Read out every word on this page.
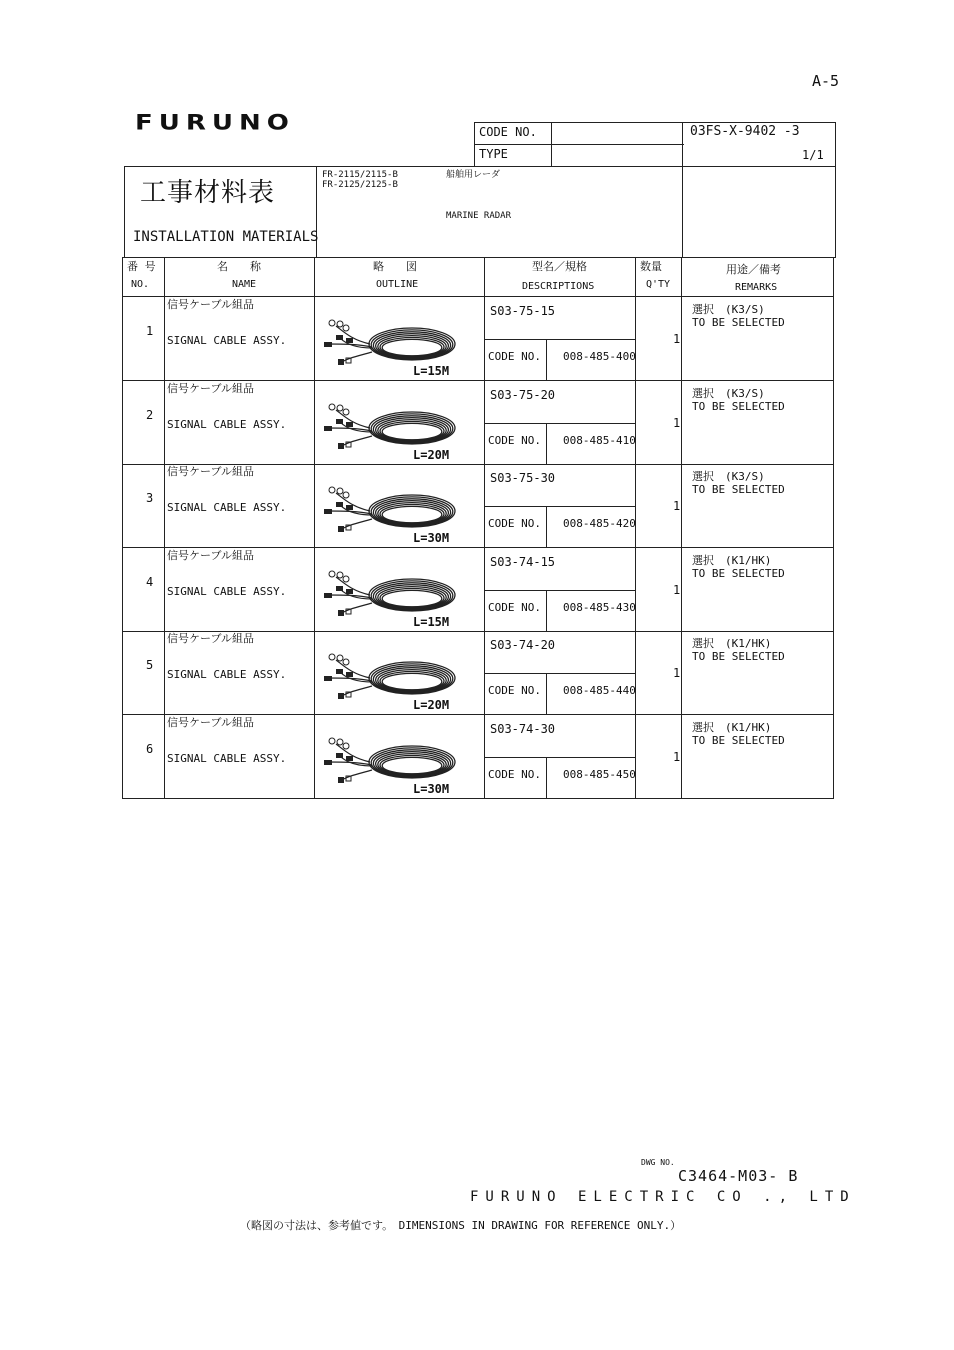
A-5
FURUNO	CODE NO.
TYPE
03FS-X-9402 -3
1/1
工事材料表
INSTALLATION MATERIALS
FR-2115/2115-B
FR-2125/2125-B
船舶用レーダ
MARINE RADAR
番 号
NO.
名　　称
NAME
略　　図
OUTLINE
型名／規格
DESCRIPTIONS
数量
Q'TY
用途／備考
REMARKS
1
信号ケーブル組品
SIGNAL CABLE ASSY.
L=15M
S03-75-15
CODE NO. 008-485-400
1
選択　(K3/S)
TO BE SELECTED
2
信号ケーブル組品
SIGNAL CABLE ASSY.
L=20M
S03-75-20
CODE NO. 008-485-410
1
選択　(K3/S)
TO BE SELECTED
3
信号ケーブル組品
SIGNAL CABLE ASSY.
L=30M
S03-75-30
CODE NO. 008-485-420
1
選択　(K3/S)
TO BE SELECTED
4
信号ケーブル組品
SIGNAL CABLE ASSY.
L=15M
S03-74-15
CODE NO. 008-485-430
1
選択　(K1/HK)
TO BE SELECTED
5
信号ケーブル組品
SIGNAL CABLE ASSY.
L=20M
S03-74-20
CODE NO. 008-485-440
1
選択　(K1/HK)
TO BE SELECTED
6
信号ケーブル組品
SIGNAL CABLE ASSY.
L=30M
S03-74-30
CODE NO. 008-485-450
1
選択　(K1/HK)
TO BE SELECTED
DWG NO.
C3464-M03- B
FURUNO ELECTRIC CO ., LTD
（略図の寸法は、参考値です。　DIMENSIONS IN DRAWING FOR REFERENCE ONLY.）
